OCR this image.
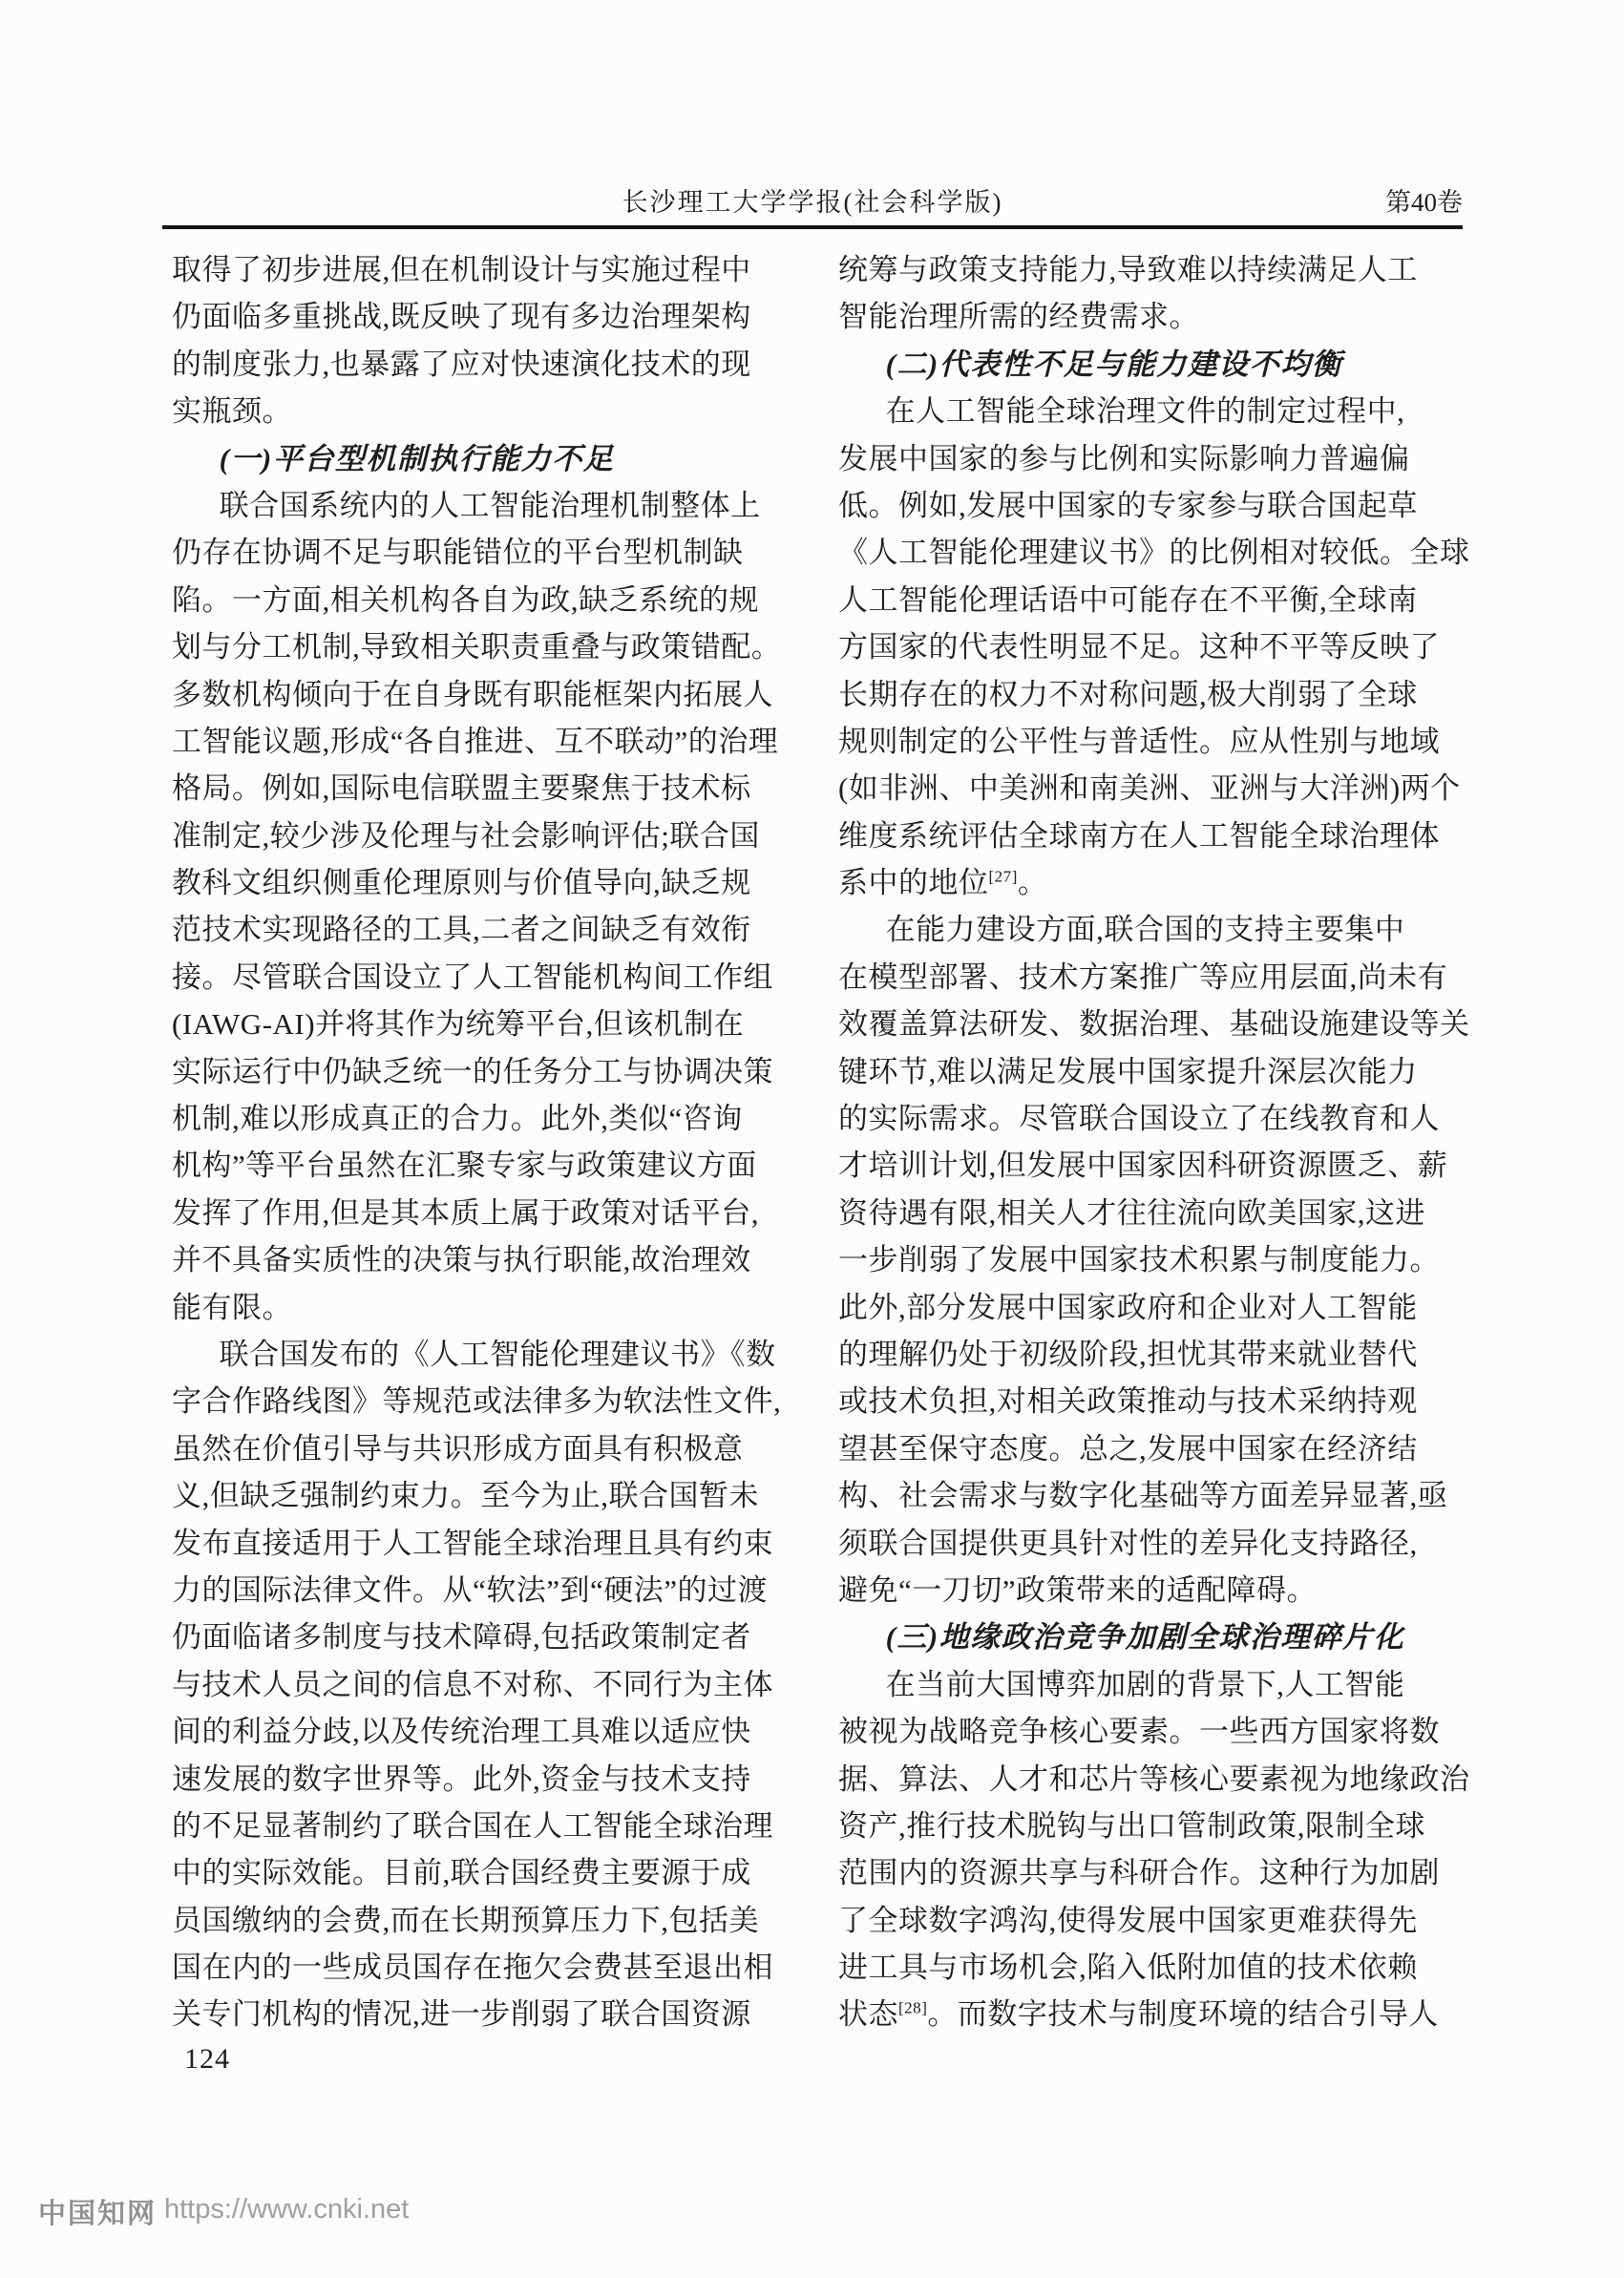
长沙理工大学学报(社会科学版)	第40卷
取得了初步进展,但在机制设计与实施过程中
仍面临多重挑战,既反映了现有多边治理架构
的制度张力,也暴露了应对快速演化技术的现
实瓶颈。
(一)平台型机制执行能力不足
联合国系统内的人工智能治理机制整体上
仍存在协调不足与职能错位的平台型机制缺
陷。一方面,相关机构各自为政,缺乏系统的规
划与分工机制,导致相关职责重叠与政策错配。
多数机构倾向于在自身既有职能框架内拓展人
工智能议题,形成“各自推进、互不联动”的治理
格局。例如,国际电信联盟主要聚焦于技术标
准制定,较少涉及伦理与社会影响评估;联合国
教科文组织侧重伦理原则与价值导向,缺乏规
范技术实现路径的工具,二者之间缺乏有效衔
接。尽管联合国设立了人工智能机构间工作组
(IAWG-AI)并将其作为统筹平台,但该机制在
实际运行中仍缺乏统一的任务分工与协调决策
机制,难以形成真正的合力。此外,类似“咨询
机构”等平台虽然在汇聚专家与政策建议方面
发挥了作用,但是其本质上属于政策对话平台,
并不具备实质性的决策与执行职能,故治理效
能有限。
联合国发布的《人工智能伦理建议书》《数
字合作路线图》等规范或法律多为软法性文件,
虽然在价值引导与共识形成方面具有积极意
义,但缺乏强制约束力。至今为止,联合国暂未
发布直接适用于人工智能全球治理且具有约束
力的国际法律文件。从“软法”到“硬法”的过渡
仍面临诸多制度与技术障碍,包括政策制定者
与技术人员之间的信息不对称、不同行为主体
间的利益分歧,以及传统治理工具难以适应快
速发展的数字世界等。此外,资金与技术支持
的不足显著制约了联合国在人工智能全球治理
中的实际效能。目前,联合国经费主要源于成
员国缴纳的会费,而在长期预算压力下,包括美
国在内的一些成员国存在拖欠会费甚至退出相
关专门机构的情况,进一步削弱了联合国资源
统筹与政策支持能力,导致难以持续满足人工
智能治理所需的经费需求。
(二)代表性不足与能力建设不均衡
在人工智能全球治理文件的制定过程中,
发展中国家的参与比例和实际影响力普遍偏
低。例如,发展中国家的专家参与联合国起草
《人工智能伦理建议书》的比例相对较低。全球
人工智能伦理话语中可能存在不平衡,全球南
方国家的代表性明显不足。这种不平等反映了
长期存在的权力不对称问题,极大削弱了全球
规则制定的公平性与普适性。应从性别与地域
(如非洲、中美洲和南美洲、亚洲与大洋洲)两个
维度系统评估全球南方在人工智能全球治理体
系中的地位[27]。
在能力建设方面,联合国的支持主要集中
在模型部署、技术方案推广等应用层面,尚未有
效覆盖算法研发、数据治理、基础设施建设等关
键环节,难以满足发展中国家提升深层次能力
的实际需求。尽管联合国设立了在线教育和人
才培训计划,但发展中国家因科研资源匮乏、薪
资待遇有限,相关人才往往流向欧美国家,这进
一步削弱了发展中国家技术积累与制度能力。
此外,部分发展中国家政府和企业对人工智能
的理解仍处于初级阶段,担忧其带来就业替代
或技术负担,对相关政策推动与技术采纳持观
望甚至保守态度。总之,发展中国家在经济结
构、社会需求与数字化基础等方面差异显著,亟
须联合国提供更具针对性的差异化支持路径,
避免“一刀切”政策带来的适配障碍。
(三)地缘政治竞争加剧全球治理碎片化
在当前大国博弈加剧的背景下,人工智能
被视为战略竞争核心要素。一些西方国家将数
据、算法、人才和芯片等核心要素视为地缘政治
资产,推行技术脱钩与出口管制政策,限制全球
范围内的资源共享与科研合作。这种行为加剧
了全球数字鸿沟,使得发展中国家更难获得先
进工具与市场机会,陷入低附加值的技术依赖
状态[28]。而数字技术与制度环境的结合引导人
124
中国知网 https://www.cnki.net
